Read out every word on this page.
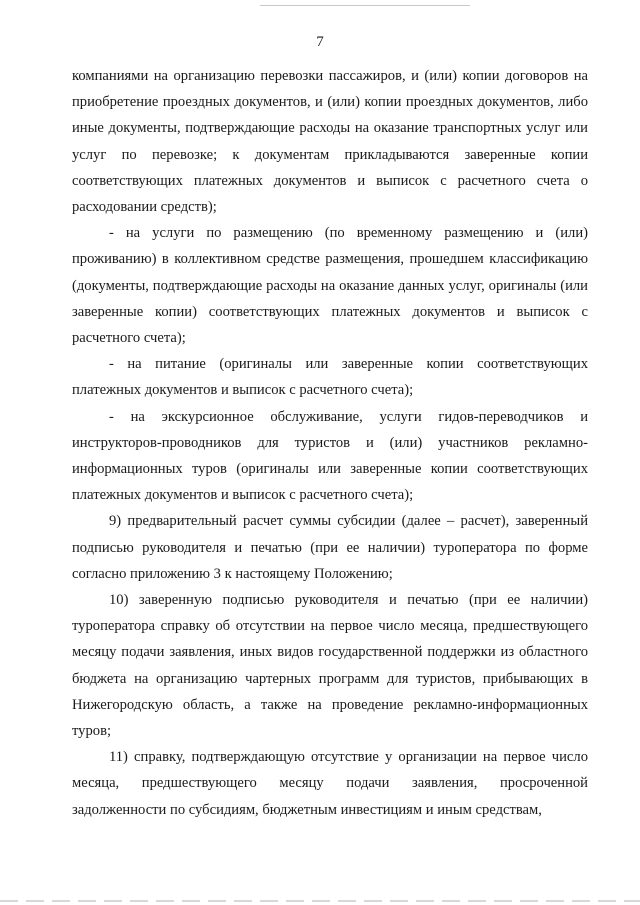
7

компаниями на организацию перевозки пассажиров, и (или) копии договоров на приобретение проездных документов, и (или) копии проездных документов, либо иные документы, подтверждающие расходы на оказание транспортных услуг или услуг по перевозке; к документам прикладываются заверенные копии соответствующих платежных документов и выписок с расчетного счета о расходовании средств);

- на услуги по размещению (по временному размещению и (или) проживанию) в коллективном средстве размещения, прошедшем классификацию (документы, подтверждающие расходы на оказание данных услуг, оригиналы (или заверенные копии) соответствующих платежных документов и выписок с расчетного счета);

- на питание (оригиналы или заверенные копии соответствующих платежных документов и выписок с расчетного счета);

- на экскурсионное обслуживание, услуги гидов-переводчиков и инструкторов-проводников для туристов и (или) участников рекламно-информационных туров (оригиналы или заверенные копии соответствующих платежных документов и выписок с расчетного счета);

9) предварительный расчет суммы субсидии (далее – расчет), заверенный подписью руководителя и печатью (при ее наличии) туроператора по форме согласно приложению 3 к настоящему Положению;

10) заверенную подписью руководителя и печатью (при ее наличии) туроператора справку об отсутствии на первое число месяца, предшествующего месяцу подачи заявления, иных видов государственной поддержки из областного бюджета на организацию чартерных программ для туристов, прибывающих в Нижегородскую область, а также на проведение рекламно-информационных туров;

11) справку, подтверждающую отсутствие у организации на первое число месяца, предшествующего месяцу подачи заявления, просроченной задолженности по субсидиям, бюджетным инвестициям и иным средствам,
